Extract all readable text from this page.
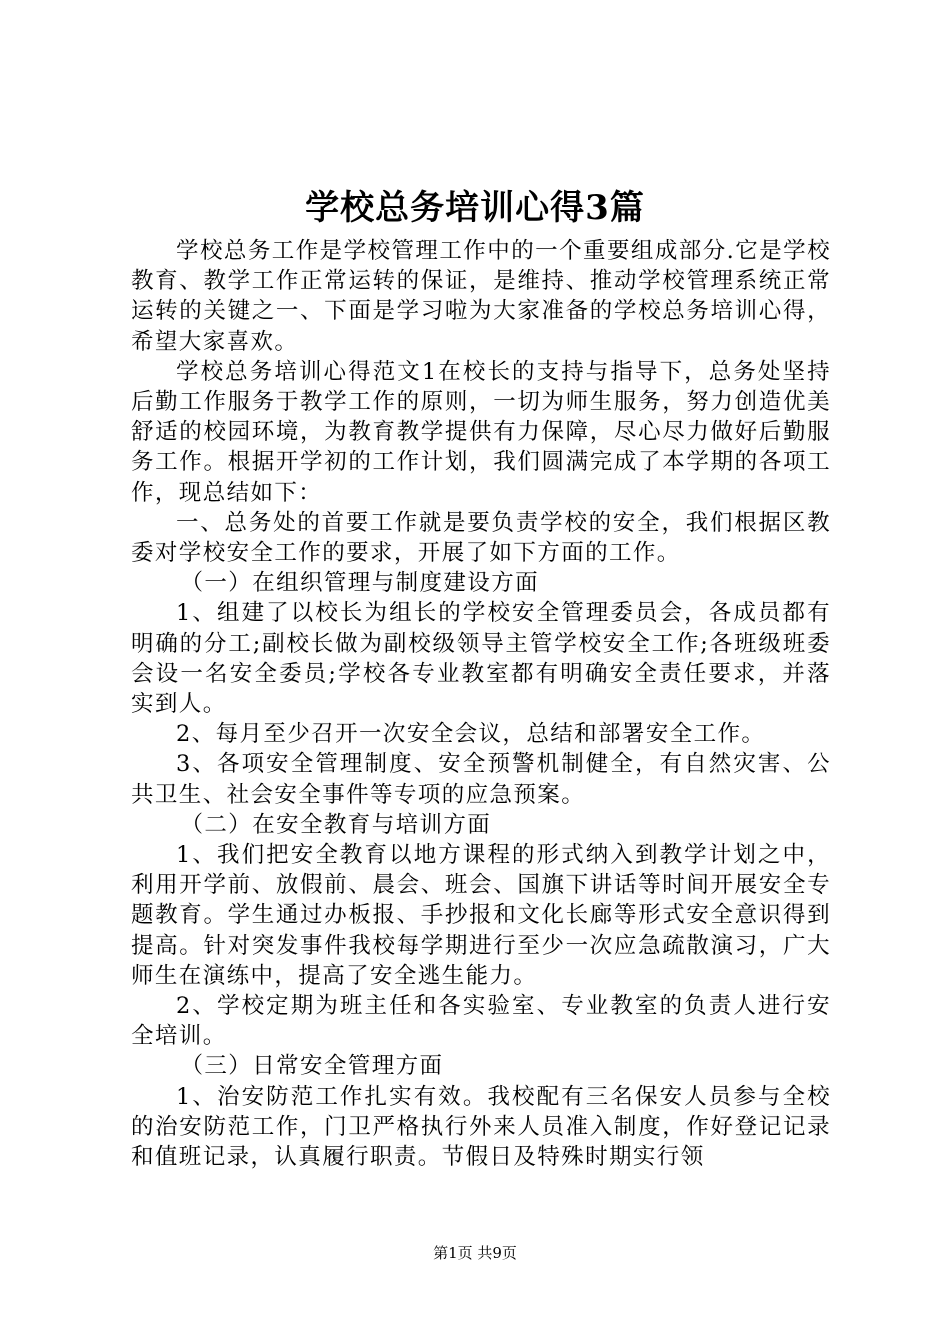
学校总务培训心得3篇

学校总务工作是学校管理工作中的一个重要组成部分.它是学校教育、教学工作正常运转的保证，是维持、推动学校管理系统正常运转的关键之一、下面是学习啦为大家准备的学校总务培训心得，希望大家喜欢。

学校总务培训心得范文1在校长的支持与指导下，总务处坚持后勤工作服务于教学工作的原则，一切为师生服务，努力创造优美舒适的校园环境，为教育教学提供有力保障，尽心尽力做好后勤服务工作。根据开学初的工作计划，我们圆满完成了本学期的各项工作，现总结如下：

一、总务处的首要工作就是要负责学校的安全，我们根据区教委对学校安全工作的要求，开展了如下方面的工作。

（一）在组织管理与制度建设方面

1、组建了以校长为组长的学校安全管理委员会，各成员都有明确的分工;副校长做为副校级领导主管学校安全工作;各班级班委会设一名安全委员;学校各专业教室都有明确安全责任要求，并落实到人。

2、每月至少召开一次安全会议，总结和部署安全工作。

3、各项安全管理制度、安全预警机制健全，有自然灾害、公共卫生、社会安全事件等专项的应急预案。

（二）在安全教育与培训方面

1、我们把安全教育以地方课程的形式纳入到教学计划之中，利用开学前、放假前、晨会、班会、国旗下讲话等时间开展安全专题教育。学生通过办板报、手抄报和文化长廊等形式安全意识得到提高。针对突发事件我校每学期进行至少一次应急疏散演习，广大师生在演练中，提高了安全逃生能力。

2、学校定期为班主任和各实验室、专业教室的负责人进行安全培训。

（三）日常安全管理方面

1、治安防范工作扎实有效。我校配有三名保安人员参与全校的治安防范工作，门卫严格执行外来人员准入制度，作好登记记录和值班记录，认真履行职责。节假日及特殊时期实行领

第1页 共9页
